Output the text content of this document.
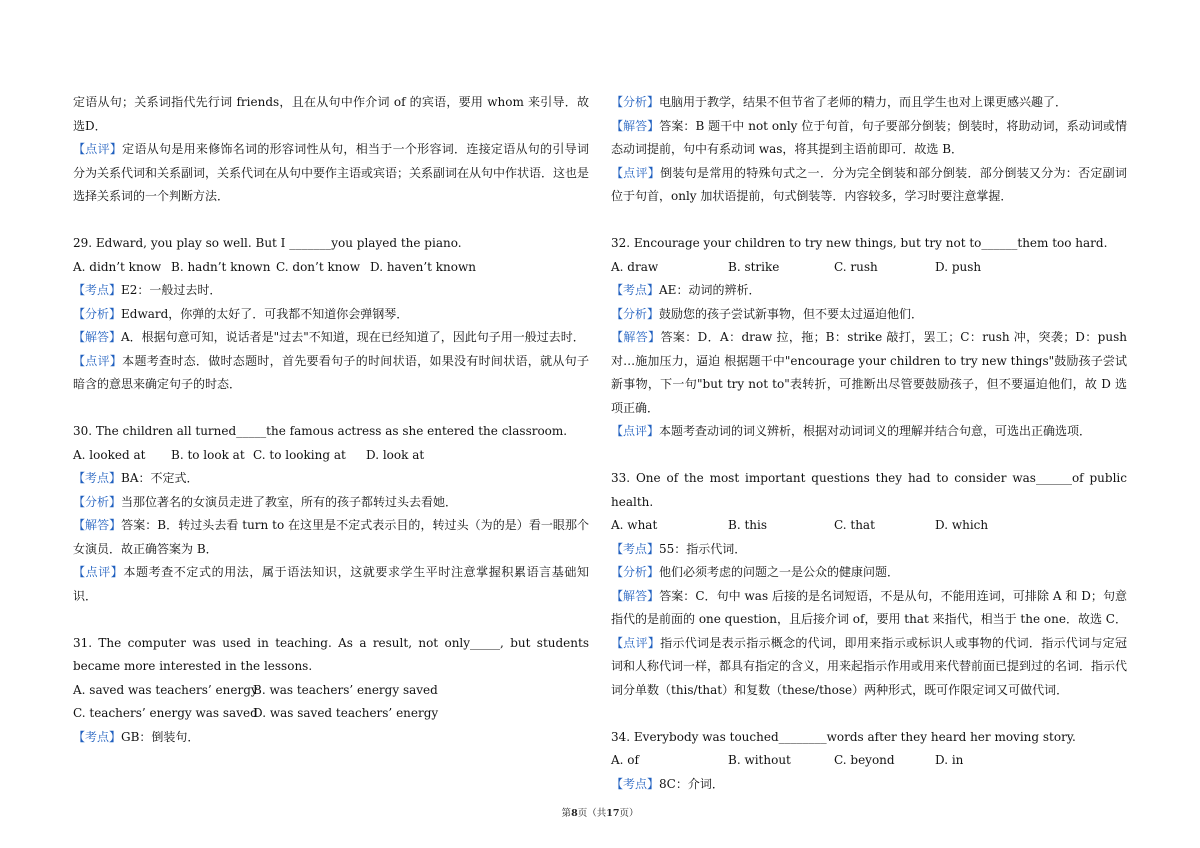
定语从句；关系词指代先行词 friends，且在从句中作介词 of 的宾语，要用 whom 来引导．故选D．

【点评】定语从句是用来修饰名词的形容词性从句，相当于一个形容词．连接定语从句的引导词分为关系代词和关系副词，关系代词在从句中要作主语或宾语；关系副词在从句中作状语．这也是选择关系词的一个判断方法．

29. Edward, you play so well. But I _______you played the piano.

A. didn’t know B. hadn’t known C. don’t know D. haven’t known

【考点】E2：一般过去时．

【分析】Edward，你弹的太好了．可我都不知道你会弹钢琴．

【解答】A．根据句意可知，说话者是"过去"不知道，现在已经知道了，因此句子用一般过去时．

【点评】本题考查时态．做时态题时，首先要看句子的时间状语，如果没有时间状语，就从句子暗含的意思来确定句子的时态．

30. The children all turned_____the famous actress as she entered the classroom.

A. looked at	B. to look at C. to looking at	D. look at

【考点】BA：不定式．

【分析】当那位著名的女演员走进了教室，所有的孩子都转过头去看她．

【解答】答案：B．转过头去看 turn to 在这里是不定式表示目的，转过头（为的是）看一眼那个女演员．故正确答案为 B．

【点评】本题考查不定式的用法，属于语法知识，这就要求学生平时注意掌握积累语言基础知识．

31. The computer was used in teaching. As a result, not only_____, but students became more interested in the lessons.

A. saved was teachers’ energy
B. was teachers’ energy saved
C. teachers’ energy was saved
D. was saved teachers’ energy

【考点】GB：倒装句．

【分析】电脑用于教学，结果不但节省了老师的精力，而且学生也对上课更感兴趣了．

【解答】答案：B 题干中 not only 位于句首，句子要部分倒装；倒装时，将助动词，系动词或情态动词提前，句中有系动词 was，将其提到主语前即可．故选 B．

【点评】倒装句是常用的特殊句式之一．分为完全倒装和部分倒装．部分倒装又分为：否定副词位于句首，only 加状语提前，句式倒装等．内容较多，学习时要注意掌握．

32. Encourage your children to try new things, but try not to______them too hard.

A. draw	B. strike	C. rush	D. push

【考点】AE：动词的辨析．

【分析】鼓励您的孩子尝试新事物，但不要太过逼迫他们．

【解答】答案：D．A：draw 拉，拖；B：strike 敲打，罢工；C：rush 冲，突袭；D：push 对…施加压力，逼迫 根据题干中"encourage your children to try new things"鼓励孩子尝试新事物，下一句"but try not to"表转折，可推断出尽管要鼓励孩子，但不要逼迫他们，故 D 选项正确．

【点评】本题考查动词的词义辨析，根据对动词词义的理解并结合句意，可选出正确选项．

33. One of the most important questions they had to consider was______of public health.

A. what	B. this	C. that	D. which

【考点】55：指示代词．

【分析】他们必须考虑的问题之一是公众的健康问题．

【解答】答案：C．句中 was 后接的是名词短语，不是从句，不能用连词，可排除 A 和 D；句意指代的是前面的 one question，且后接介词 of，要用 that 来指代，相当于 the one．故选 C．

【点评】指示代词是表示指示概念的代词，即用来指示或标识人或事物的代词．指示代词与定冠词和人称代词一样，都具有指定的含义，用来起指示作用或用来代替前面已提到过的名词．指示代词分单数（this/that）和复数（these/those）两种形式，既可作限定词又可做代词．

34. Everybody was touched________words after they heard her moving story.

A. of	B. without	C. beyond	D. in

【考点】8C：介词．

第8页（共17页）
